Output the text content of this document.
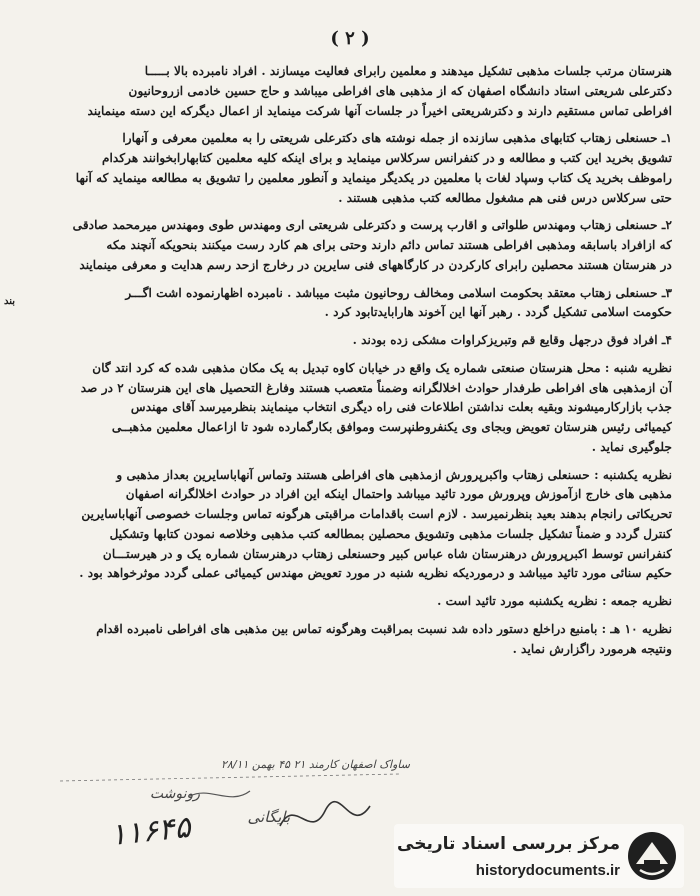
( ۲ )
بند
هنرستان مرتب جلسات مذهبی تشکیل میدهند و معلمین رابرای فعالیت میسازند . افراد نامبرده بالا بـــــا
دکترعلی شریعتی استاد دانشگاه اصفهان که از مذهبی های افراطی میباشد و حاج حسین خادمی ازروحانیون
افراطی تماس مستقیم دارند و دکترشریعتی اخیراً در جلسات آنها شرکت مینماید از اعمال دیگرکه این دسته مینمایند
۱ـ حسنعلی زهتاب کتابهای مذهبی سازنده از جمله نوشته های دکترعلی شریعتی را به معلمین معرفی و آنهارا
تشویق بخرید این کتب و مطالعه و در کنفرانس سرکلاس مینماید و برای اینکه کلیه معلمین کتابهارابخوانند هرکدام
راموظف بخرید یک کتاب وسپاد لغات با معلمین در یکدیگر مینماید و آنطور معلمین را تشویق به مطالعه مینماید که آنها
حتی سرکلاس درس فنی هم مشغول مطالعه کتب مذهبی هستند .
۲ـ حسنعلی زهتاب ومهندس طلواتی و اقارب پرست و دکترعلی شریعتی اری ومهندس طوی ومهندس میرمحمد صادقی
که ازافراد باسابقه ومذهبی افراطی هستند تماس دائم دارند وحتی برای هم کارد رست میکنند بنحویکه آنچند مکه
در هنرستان هستند محصلین رابرای کارکردن در کارگاههای فنی سایرین در رخارج ازحد رسم هدایت و معرفی مینمایند
۳ـ حسنعلی زهتاب معتقد بحکومت اسلامی ومخالف روحانیون مثبت میباشد . نامبرده اظهارنموده اشت اگـــر
حکومت اسلامی تشکیل گردد . رهبر آنها این آخوند هارابایدتابود کرد .
۴ـ افراد فوق درجهل وقایع قم وتبریزکراوات مشکی زده بودند .
نظریه شنبه : محل هنرستان صنعتی شماره یک واقع در خیابان کاوه تبدیل به یک مکان مذهبی شده که کرد انتد گان
آن ازمذهبی های افراطی طرفدار حوادث اخلالگرانه وضمناً متعصب هستند وفارغ التحصیل های این هنرستان ۲ در صد
جذب بازارکارمیشوند وبقیه بعلت نداشتن اطلاعات فنی راه دیگری انتخاب مینمایند بنظرمیرسد آقای مهندس
کیمیائی رئیس هنرستان تعویض وبجای وی یکنفروطنپرست وموافق بکارگمارده شود تا ازاعمال معلمین مذهبــی
جلوگیری نماید .
نظریه یکشنبه : حسنعلی زهتاب واکبرپرورش ازمذهبی های افراطی هستند وتماس آنهاباسایرین بعداز مذهبی و
مذهبی های خارج ازآموزش وپرورش مورد تائید میباشد واحتمال اینکه این افراد در حوادث اخلالگرانه اصفهان
تحریکاتی رانجام بدهند بعید بنظرنمیرسد . لازم است باقدامات مراقبتی هرگونه تماس وجلسات خصوصی آنهاباسایرین
کنترل گردد و ضمناً تشکیل جلسات مذهبی وتشویق محصلین بمطالعه کتب مذهبی وخلاصه نمودن کتابها وتشکیل
کنفرانس توسط اکبرپرورش درهنرستان شاه عباس کبیر وحسنعلی زهتاب درهنرستان شماره یک و در هیرستـــان
حکیم سنائی مورد تائید میباشد و درموردیکه نظریه شنبه در مورد تعویض مهندس کیمیائی عملی گردد موثرخواهد بود .
نظریه جمعه : نظریه یکشنبه مورد تائید است .
نظریه ۱۰ هـ : بامنبع دراخلع دستور داده شد نسبت بمراقبت وهرگونه تماس بین مذهبی های افراطی نامبرده اقدام
ونتیجه هرمورد راگزارش نماید .
ساواک اصفهان کارمند ۲۱ ۴۵ بهمن ۲۸/۱۱
رونوشت
بایگانی
۱۱۶۴۵	مرکز بررسی اسناد تاریخی
historydocuments.ir
